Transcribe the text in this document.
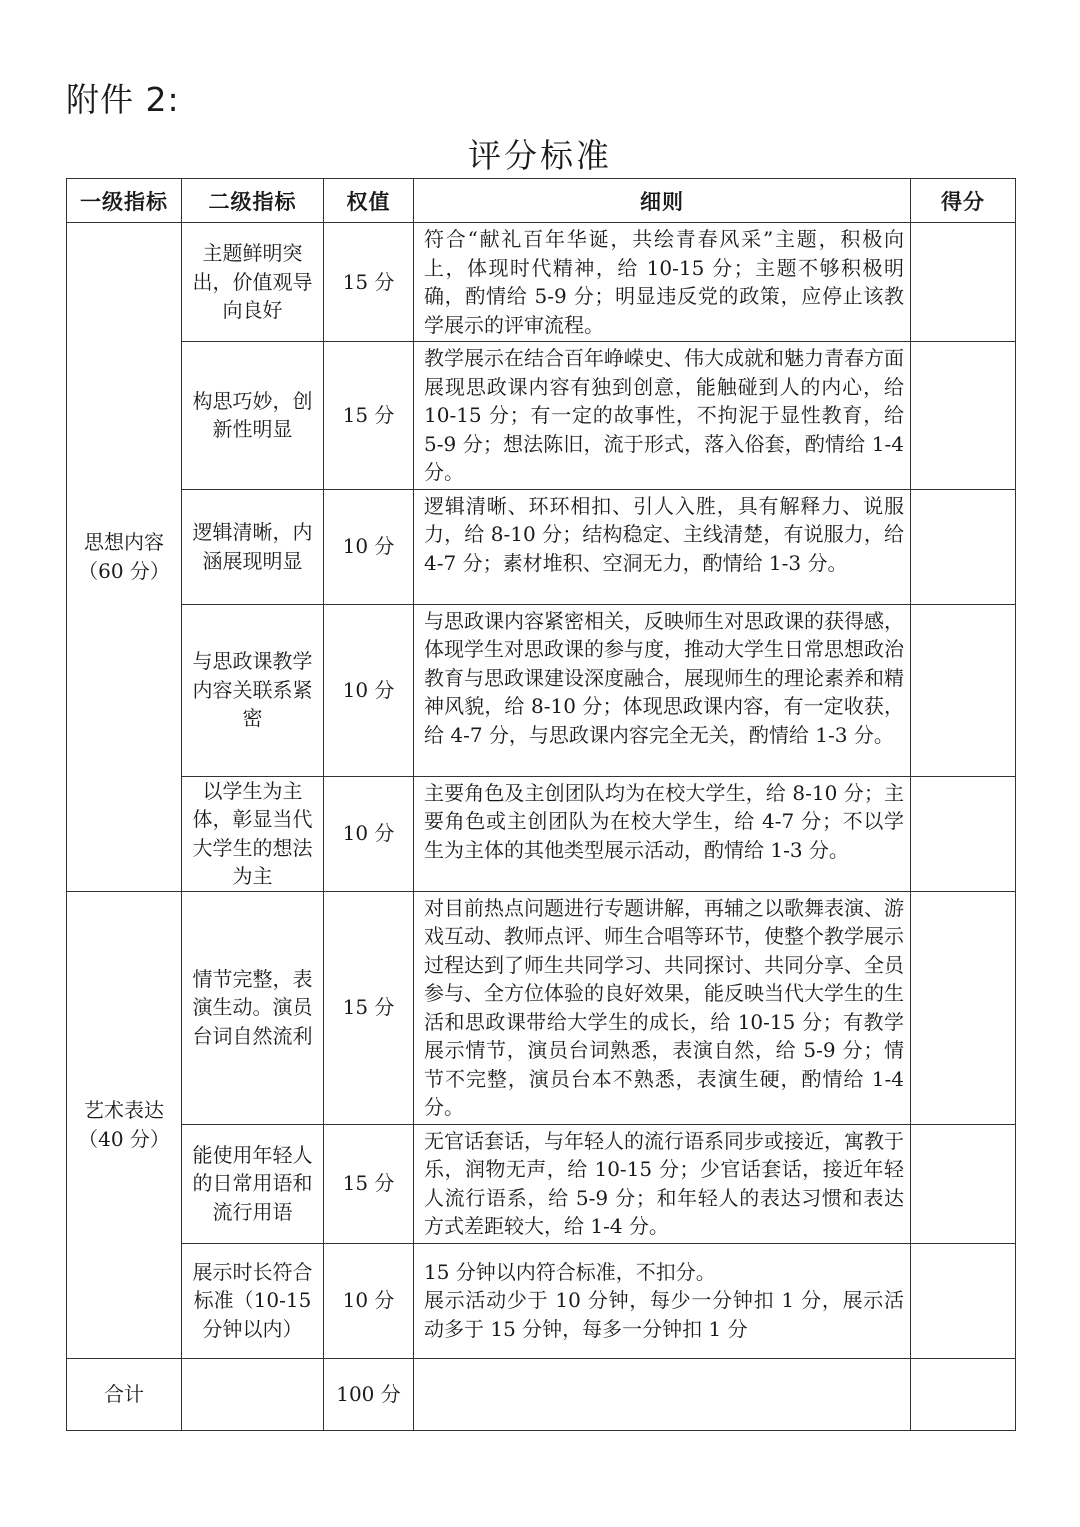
附件 2:
评分标准
一级指标	二级指标	权值	细则	得分

思想内容
（60 分）	主题鲜明突出，价值观导向良好	15 分	符合“献礼百年华诞，共绘青春风采”主题，积极向上，体现时代精神，给 10-15 分；主题不够积极明确，酌情给 5-9 分；明显违反党的政策，应停止该教学展示的评审流程。	
	构思巧妙，创新性明显	15 分	教学展示在结合百年峥嵘史、伟大成就和魅力青春方面展现思政课内容有独到创意，能触碰到人的内心，给 10-15 分；有一定的故事性，不拘泥于显性教育，给 5-9 分；想法陈旧，流于形式，落入俗套，酌情给 1-4 分。	
	逻辑清晰，内涵展现明显	10 分	逻辑清晰、环环相扣、引人入胜，具有解释力、说服力，给 8-10 分；结构稳定、主线清楚，有说服力，给 4-7 分；素材堆积、空洞无力，酌情给 1-3 分。	
	与思政课教学内容关联系紧密	10 分	与思政课内容紧密相关，反映师生对思政课的获得感，体现学生对思政课的参与度，推动大学生日常思想政治教育与思政课建设深度融合，展现师生的理论素养和精神风貌，给 8-10 分；体现思政课内容，有一定收获，给 4-7 分，与思政课内容完全无关，酌情给 1-3 分。	
	以学生为主体，彰显当代大学生的想法为主	10 分	主要角色及主创团队均为在校大学生，给 8-10 分；主要角色或主创团队为在校大学生，给 4-7 分；不以学生为主体的其他类型展示活动，酌情给 1-3 分。	

艺术表达
（40 分）	情节完整，表演生动。演员台词自然流利	15 分	对目前热点问题进行专题讲解，再辅之以歌舞表演、游戏互动、教师点评、师生合唱等环节，使整个教学展示过程达到了师生共同学习、共同探讨、共同分享、全员参与、全方位体验的良好效果，能反映当代大学生的生活和思政课带给大学生的成长，给 10-15 分；有教学展示情节，演员台词熟悉，表演自然，给 5-9 分；情节不完整，演员台本不熟悉，表演生硬，酌情给 1-4 分。	
	能使用年轻人的日常用语和流行用语	15 分	无官话套话，与年轻人的流行语系同步或接近，寓教于乐，润物无声，给 10-15 分；少官话套话，接近年轻人流行语系，给 5-9 分；和年轻人的表达习惯和表达方式差距较大，给 1-4 分。	
	展示时长符合标准（10-15 分钟以内）	10 分	15 分钟以内符合标准，不扣分。
展示活动少于 10 分钟，每少一分钟扣 1 分，展示活动多于 15 分钟，每多一分钟扣 1 分	

合计		100 分		
